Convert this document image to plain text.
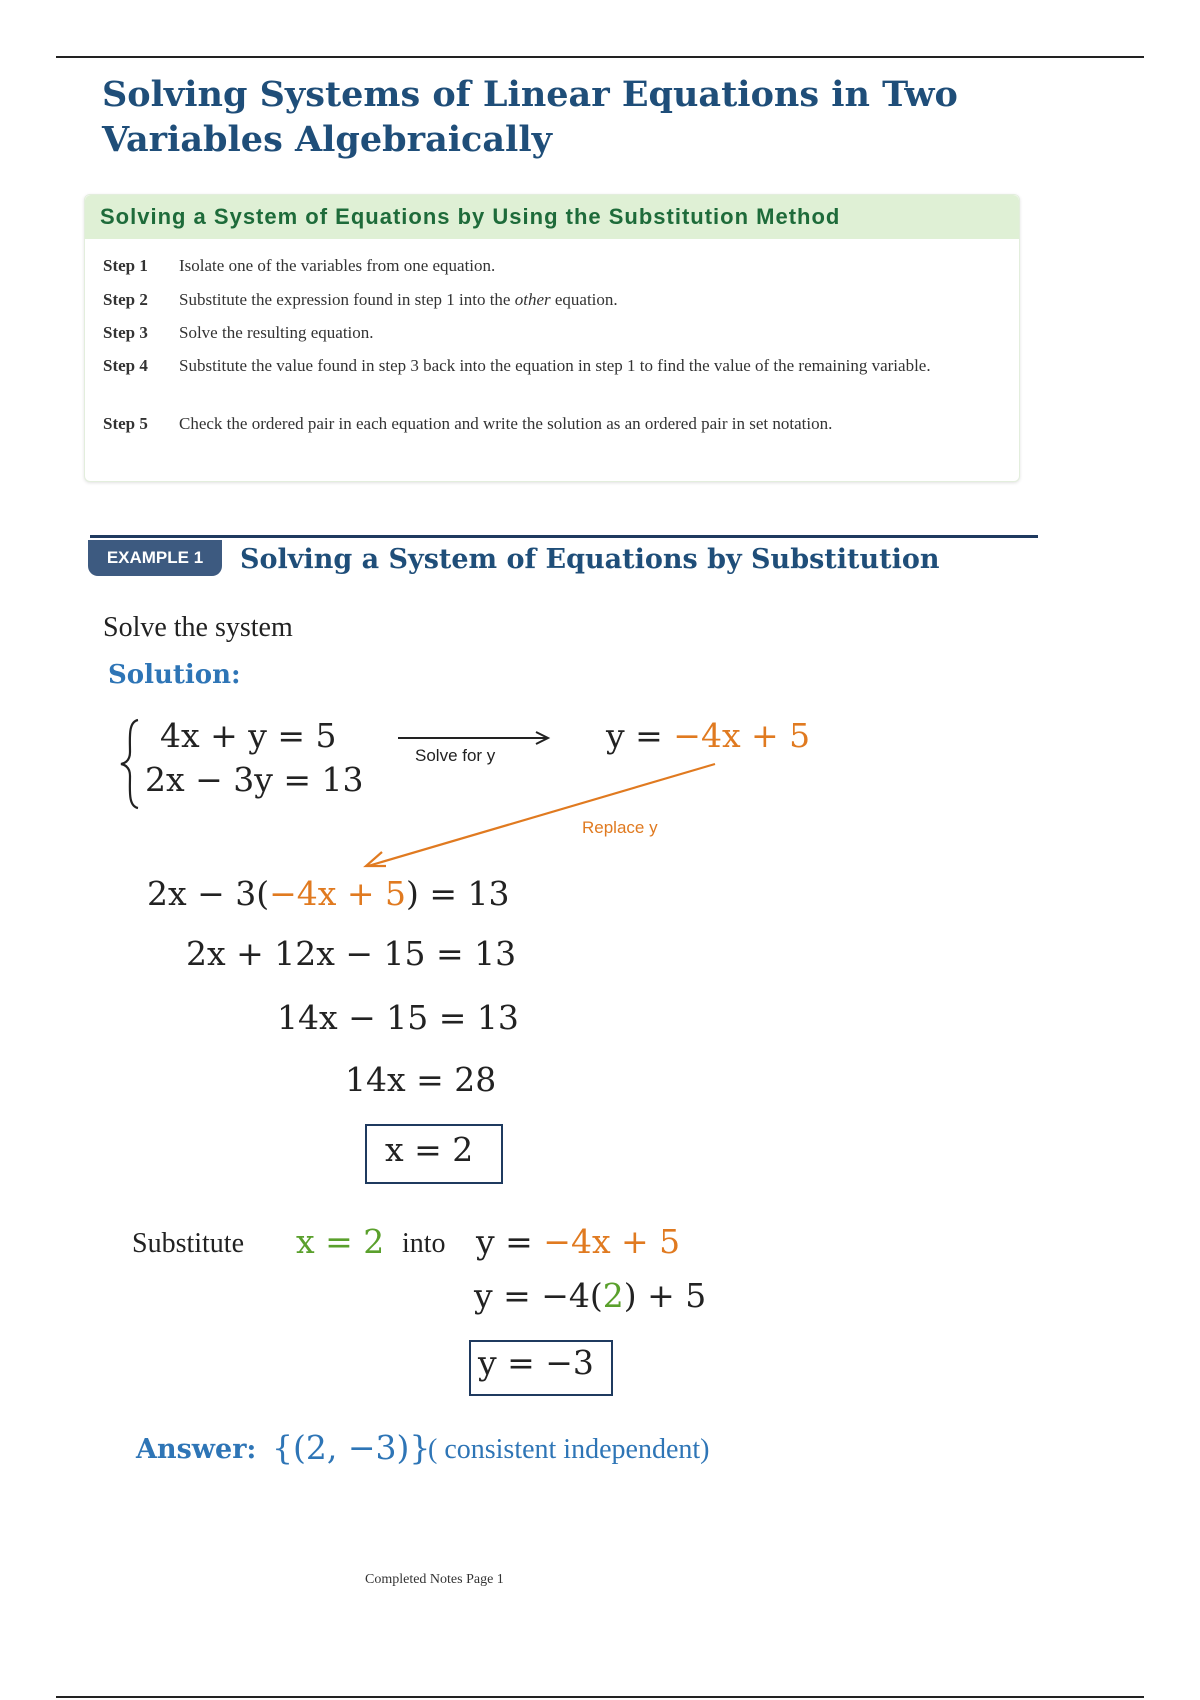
Solving Systems of Linear Equations in Two
Variables Algebraically
Solving a System of Equations by Using the Substitution Method
Step 1	Isolate one of the variables from one equation.
Step 2	Substitute the expression found in step 1 into the other equation.
Step 3	Solve the resulting equation.
Step 4	Substitute the value found in step 3 back into the equation in step 1 to find the value of the remaining variable.
Step 5	Check the ordered pair in each equation and write the solution as an ordered pair in set notation.
EXAMPLE 1	Solving a System of Equations by Substitution
Solve the system
Solution:
4x + y = 5
2x − 3y = 13
Solve for y
y = −4x + 5
Replace y
2x − 3(−4x + 5) = 13
2x + 12x − 15 = 13
14x − 15 = 13
14x = 28
x = 2
Substitute x = 2 into y = −4x + 5
y = −4(2) + 5
y = −3
Answer: {(2, −3)}
( consistent independent)
Completed Notes Page 1
